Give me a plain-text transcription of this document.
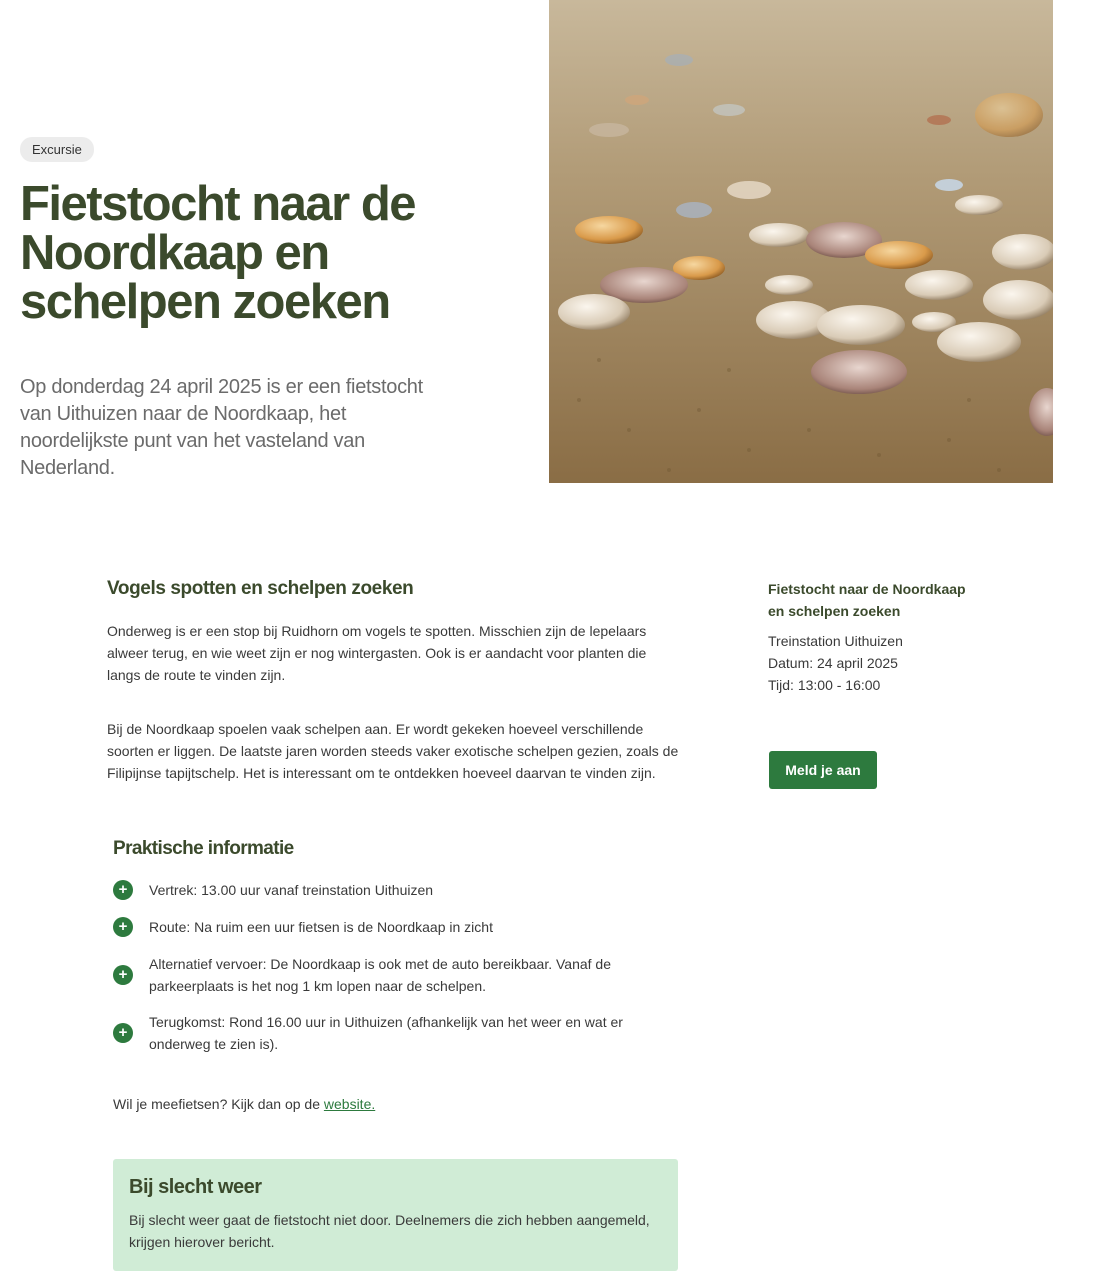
Excursie
Fietstocht naar de Noordkaap en schelpen zoeken

Op donderdag 24 april 2025 is er een fietstocht van Uithuizen naar de Noordkaap, het noordelijkste punt van het vasteland van Nederland.

Vogels spotten en schelpen zoeken

Onderweg is er een stop bij Ruidhorn om vogels te spotten. Misschien zijn de lepelaars alweer terug, en wie weet zijn er nog wintergasten. Ook is er aandacht voor planten die langs de route te vinden zijn.

Bij de Noordkaap spoelen vaak schelpen aan. Er wordt gekeken hoeveel verschillende soorten er liggen. De laatste jaren worden steeds vaker exotische schelpen gezien, zoals de Filipijnse tapijtschelp. Het is interessant om te ontdekken hoeveel daarvan te vinden zijn.

Praktische informatie
+	Vertrek: 13.00 uur vanaf treinstation Uithuizen
+	Route: Na ruim een uur fietsen is de Noordkaap in zicht
+
Alternatief vervoer: De Noordkaap is ook met de auto bereikbaar. Vanaf de parkeerplaats is het nog 1 km lopen naar de schelpen.
+
Terugkomst: Rond 16.00 uur in Uithuizen (afhankelijk van het weer en wat er onderweg te zien is).

Wil je meefietsen? Kijk dan op de website.

Bij slecht weer

Bij slecht weer gaat de fietstocht niet door. Deelnemers die zich hebben aangemeld, krijgen hierover bericht.

Fietstocht naar de Noordkaap en schelpen zoeken
Treinstation Uithuizen
Datum: 24 april 2025
Tijd: 13:00 - 16:00
Meld je aan
